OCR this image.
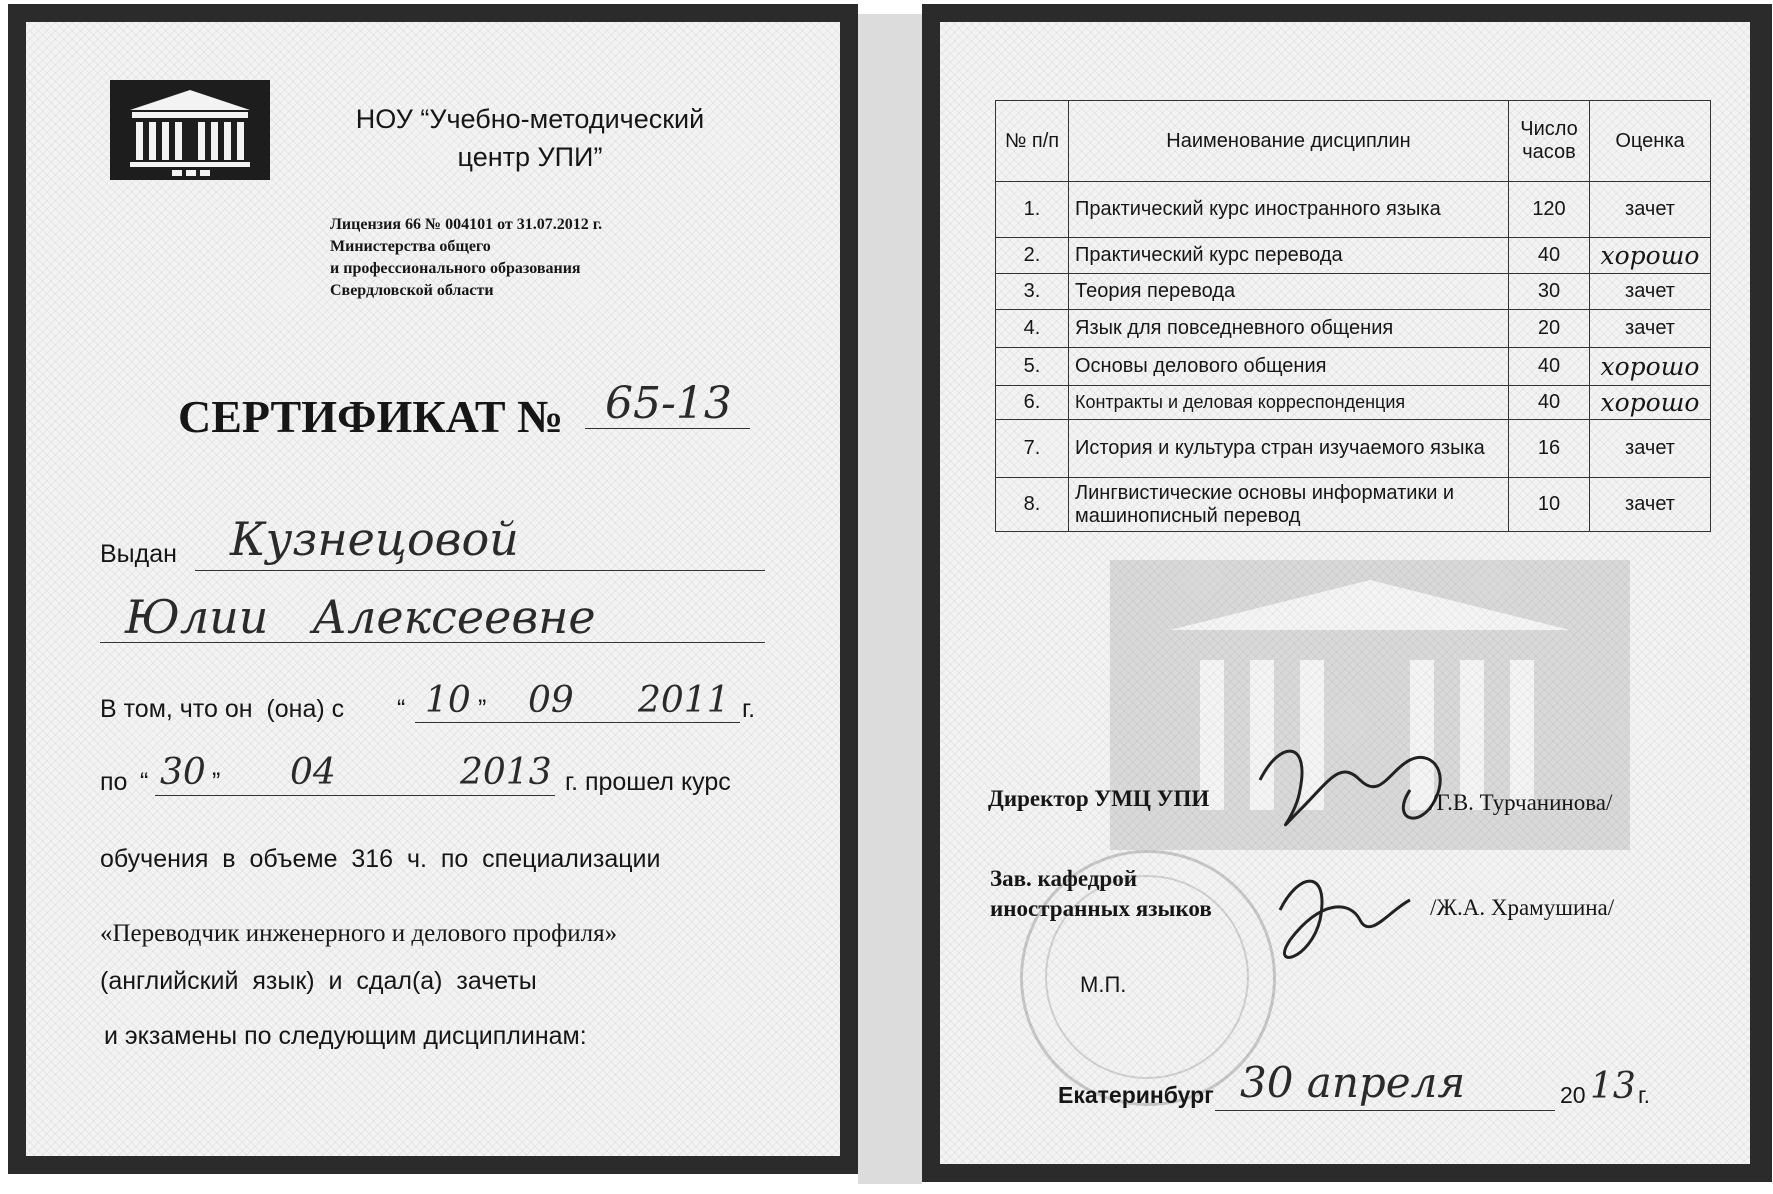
НОУ “Учебно-методический
центр УПИ”
Лицензия 66 № 004101 от 31.07.2012 г.
Министерства общего
и профессионального образования
Свердловской области
СЕРТИФИКАТ № 65-13
Выдан Кузнецовой
Юлии   Алексеевне
В том, что он  (она) с “ 10 ” 09 2011 г.
по “ 30 ” 04	2013 г. прошел курс
обучения  в  объеме  316  ч.  по  специализации
«Переводчик инженерного и делового профиля»
(английский  язык)  и  сдал(а)  зачеты
и экзамены по следующим дисциплинам:
№ п/п	Наименование дисциплин	Число часов	Оценка
1.	Практический курс иностранного языка	120	зачет
2.	Практический курс перевода	40	хорошо
3.	Теория перевода	30	зачет
4.	Язык для повседневного общения	20	зачет
5.	Основы делового общения	40	хорошо
6.	Контракты и деловая корреспонденция	40	хорошо
7.	История и культура стран изучаемого языка	16	зачет
8.	Лингвистические основы информатики и машинописный перевод	10	зачет
Директор УМЦ УПИ	/Г.В. Турчанинова/
Зав. кафедрой
иностранных языков	/Ж.А. Храмушина/
М.П.
Екатеринбург 30 апреля	20 13 г.
